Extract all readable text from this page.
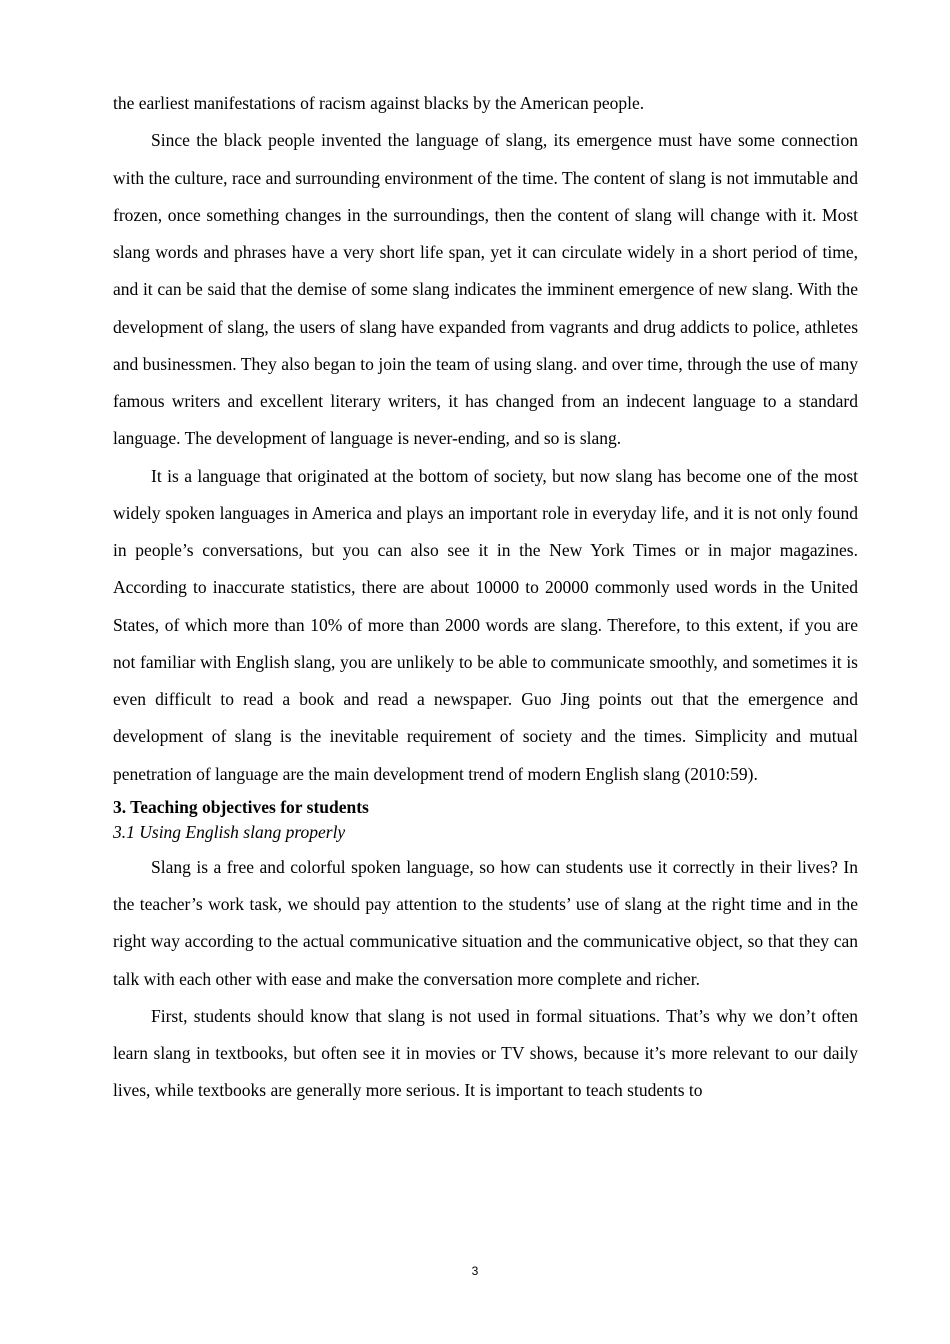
the earliest manifestations of racism against blacks by the American people.

Since the black people invented the language of slang, its emergence must have some connection with the culture, race and surrounding environment of the time. The content of slang is not immutable and frozen, once something changes in the surroundings, then the content of slang will change with it. Most slang words and phrases have a very short life span, yet it can circulate widely in a short period of time, and it can be said that the demise of some slang indicates the imminent emergence of new slang. With the development of slang, the users of slang have expanded from vagrants and drug addicts to police, athletes and businessmen. They also began to join the team of using slang. and over time, through the use of many famous writers and excellent literary writers, it has changed from an indecent language to a standard language. The development of language is never-ending, and so is slang.

It is a language that originated at the bottom of society, but now slang has become one of the most widely spoken languages in America and plays an important role in everyday life, and it is not only found in people’s conversations, but you can also see it in the New York Times or in major magazines. According to inaccurate statistics, there are about 10000 to 20000 commonly used words in the United States, of which more than 10% of more than 2000 words are slang. Therefore, to this extent, if you are not familiar with English slang, you are unlikely to be able to communicate smoothly, and sometimes it is even difficult to read a book and read a newspaper. Guo Jing points out that the emergence and development of slang is the inevitable requirement of society and the times. Simplicity and mutual penetration of language are the main development trend of modern English slang (2010:59).

3. Teaching objectives for students
3.1 Using English slang properly

Slang is a free and colorful spoken language, so how can students use it correctly in their lives? In the teacher’s work task, we should pay attention to the students’ use of slang at the right time and in the right way according to the actual communicative situation and the communicative object, so that they can talk with each other with ease and make the conversation more complete and richer.

First, students should know that slang is not used in formal situations. That’s why we don’t often learn slang in textbooks, but often see it in movies or TV shows, because it’s more relevant to our daily lives, while textbooks are generally more serious. It is important to teach students to

3
